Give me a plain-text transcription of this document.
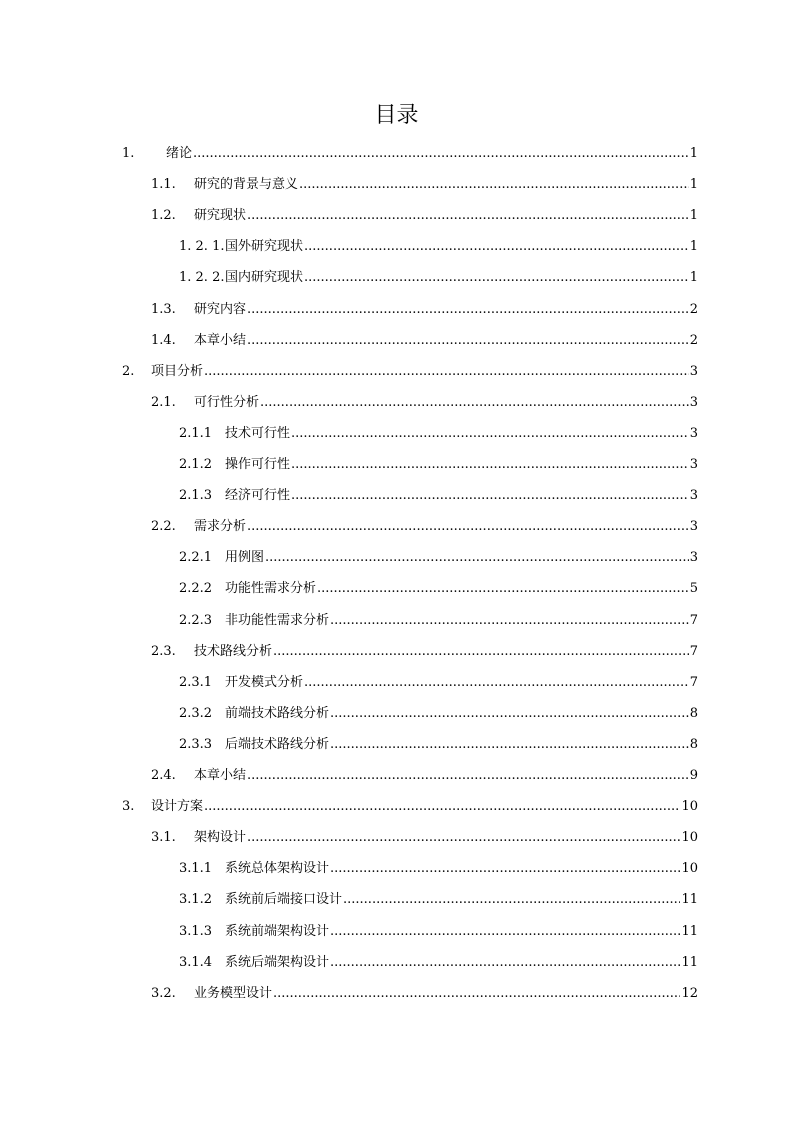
目录
1.	绪论 .....	1
1.1.	研究的背景与意义 .....	1
1.2.	研究现状 .....	1
1. 2. 1. 国外研究现状 .....	1
1. 2. 2. 国内研究现状 .....	1
1.3.	研究内容 .....	2
1.4.	本章小结 .....	2
2.	项目分析 .....	3
2.1.	可行性分析 .....	3
2.1.1 技术可行性 .....	3
2.1.2 操作可行性 .....	3
2.1.3 经济可行性 .....	3
2.2.	需求分析 .....	3
2.2.1 用例图 .....	3
2.2.2 功能性需求分析 .....	5
2.2.3 非功能性需求分析 .....	7
2.3.	技术路线分析 .....	7
2.3.1 开发模式分析 .....	7
2.3.2 前端技术路线分析 .....	8
2.3.3 后端技术路线分析 .....	8
2.4.	本章小结 .....	9
3.	设计方案 .....	10
3.1.	架构设计 .....	10
3.1.1 系统总体架构设计 .....	10
3.1.2 系统前后端接口设计 .....	11
3.1.3 系统前端架构设计 .....	11
3.1.4 系统后端架构设计 .....	11
3.2.	业务模型设计 .....	12
